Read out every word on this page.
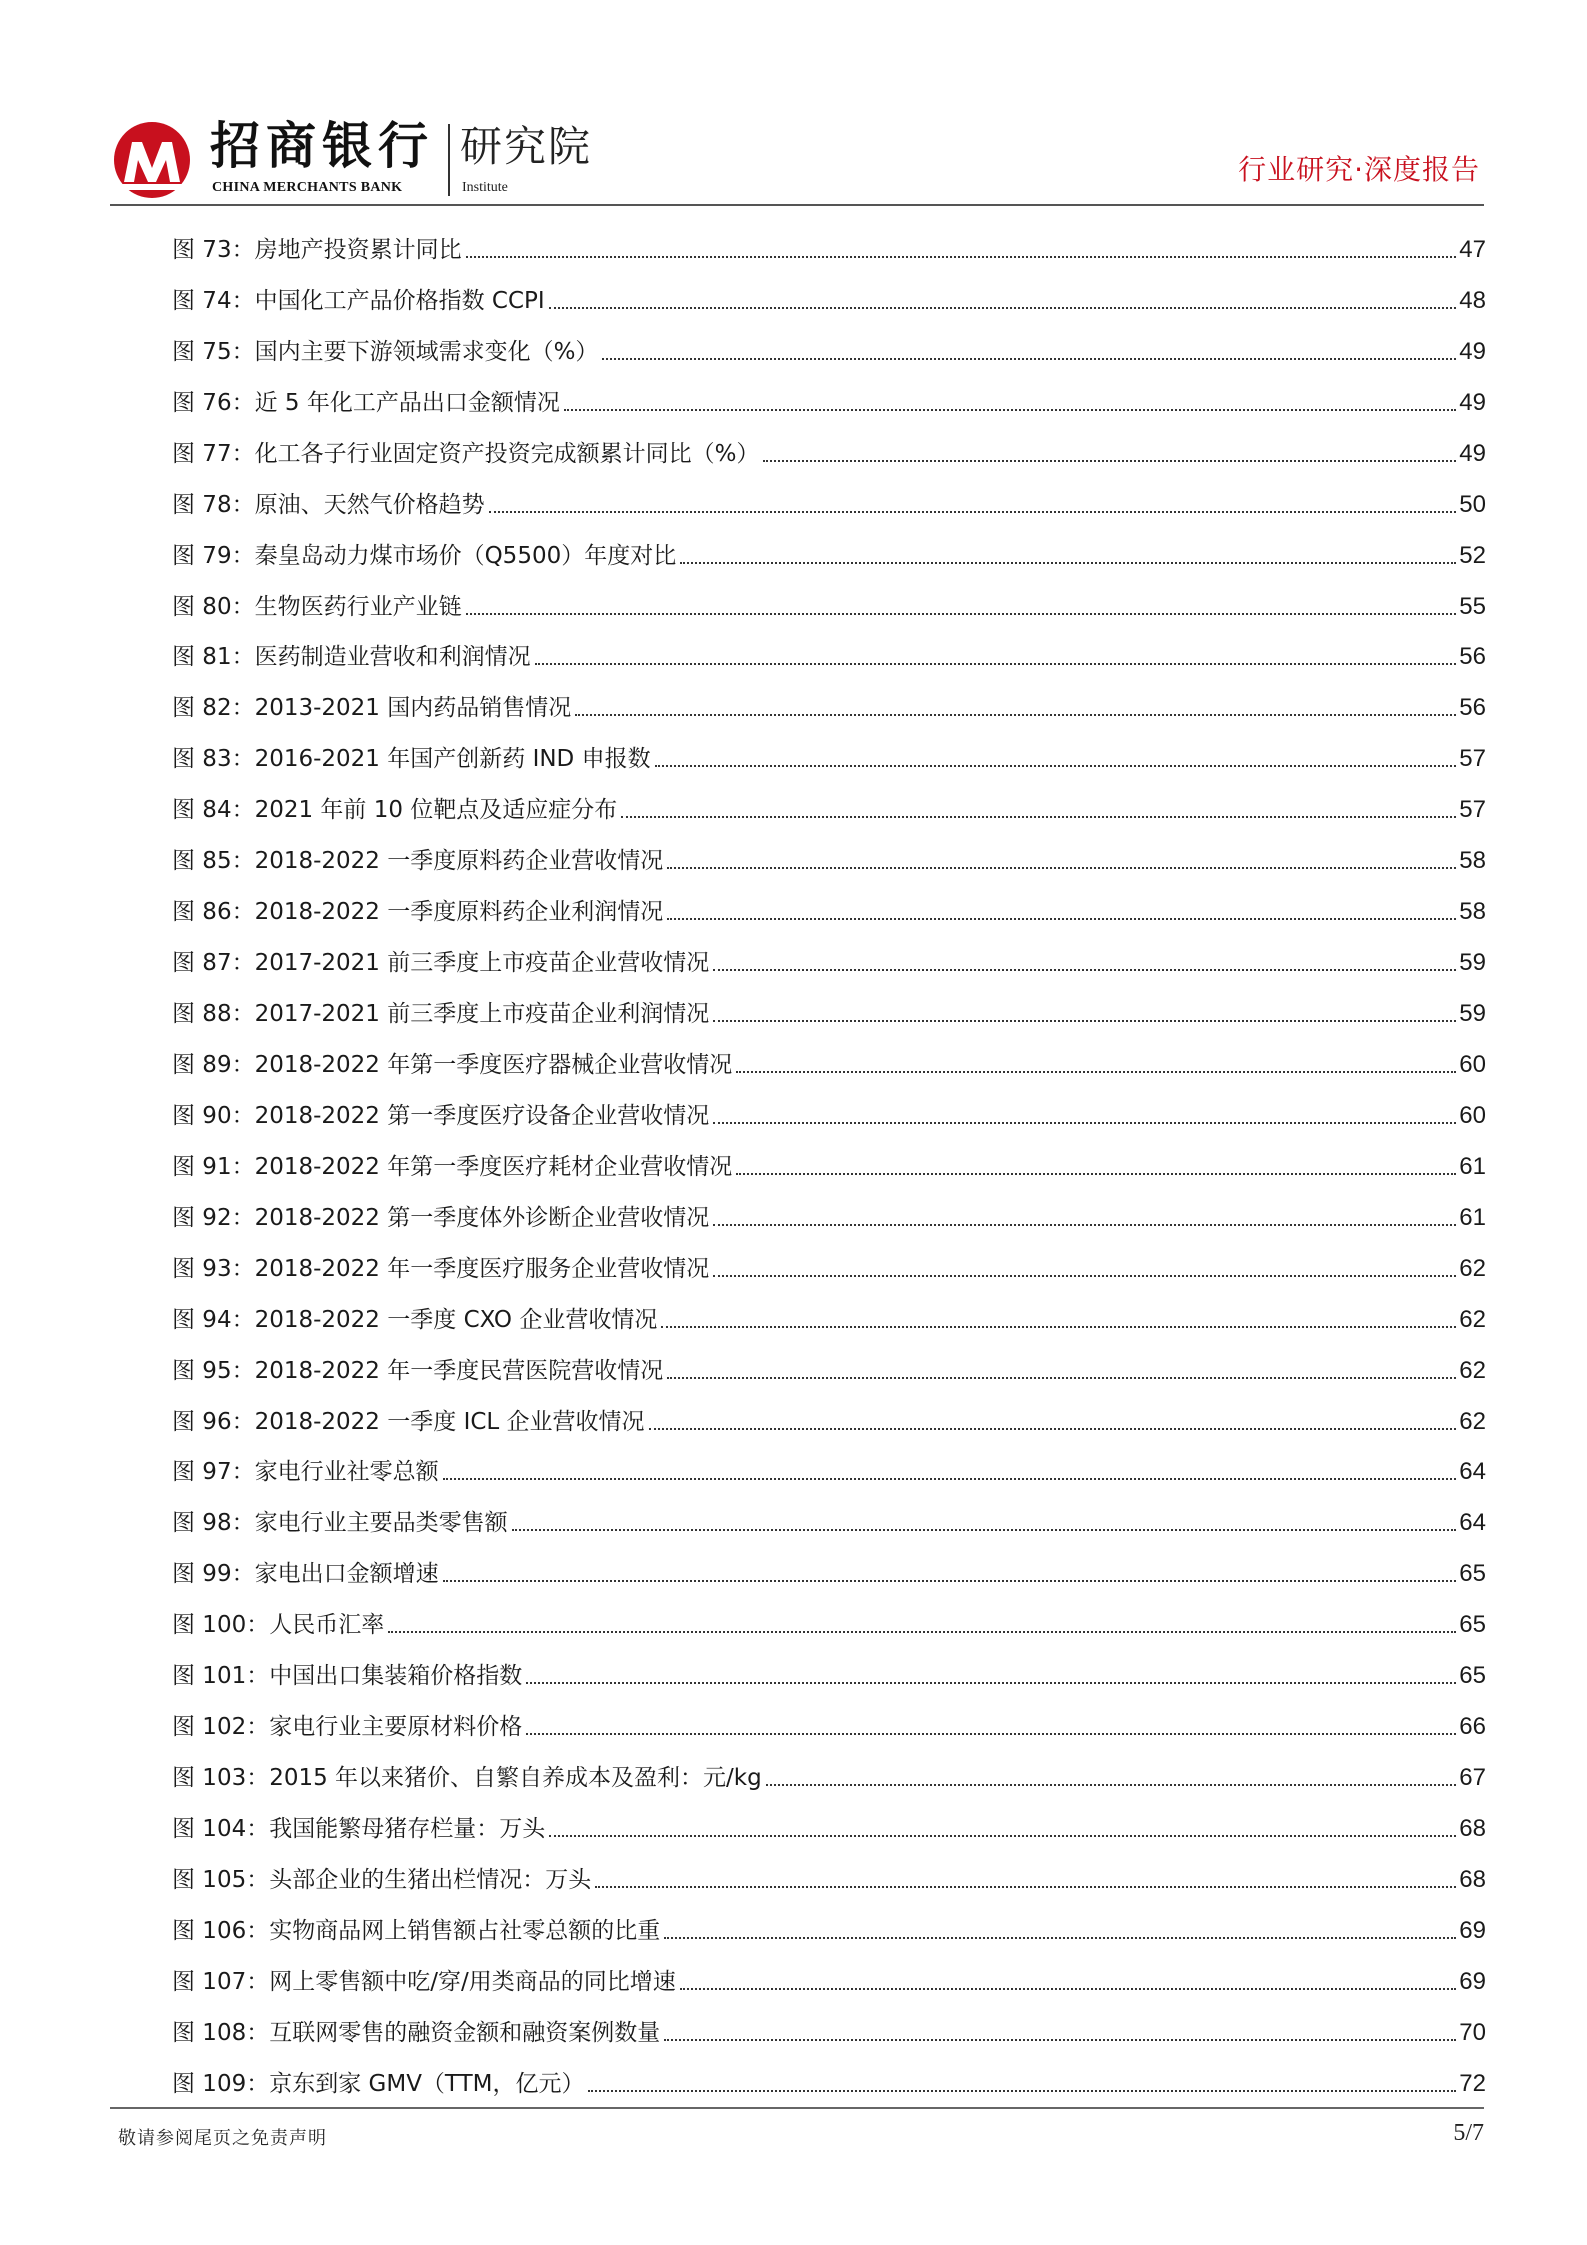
招商银行
CHINA MERCHANTS BANK
研究院
Institute
行业研究·深度报告
图 73：房地产投资累计同比	47
图 74：中国化工产品价格指数 CCPI	48
图 75：国内主要下游领域需求变化（%）	49
图 76：近 5 年化工产品出口金额情况	49
图 77：化工各子行业固定资产投资完成额累计同比（%）	49
图 78：原油、天然气价格趋势	50
图 79：秦皇岛动力煤市场价（Q5500）年度对比	52
图 80：生物医药行业产业链	55
图 81：医药制造业营收和利润情况	56
图 82：2013-2021 国内药品销售情况	56
图 83：2016-2021 年国产创新药 IND 申报数	57
图 84：2021 年前 10 位靶点及适应症分布	57
图 85：2018-2022 一季度原料药企业营收情况	58
图 86：2018-2022 一季度原料药企业利润情况	58
图 87：2017-2021 前三季度上市疫苗企业营收情况	59
图 88：2017-2021 前三季度上市疫苗企业利润情况	59
图 89：2018-2022 年第一季度医疗器械企业营收情况	60
图 90：2018-2022 第一季度医疗设备企业营收情况	60
图 91：2018-2022 年第一季度医疗耗材企业营收情况	61
图 92：2018-2022 第一季度体外诊断企业营收情况	61
图 93：2018-2022 年一季度医疗服务企业营收情况	62
图 94：2018-2022 一季度 CXO 企业营收情况	62
图 95：2018-2022 年一季度民营医院营收情况	62
图 96：2018-2022 一季度 ICL 企业营收情况	62
图 97：家电行业社零总额	64
图 98：家电行业主要品类零售额	64
图 99：家电出口金额增速	65
图 100：人民币汇率	65
图 101：中国出口集装箱价格指数	65
图 102：家电行业主要原材料价格	66
图 103：2015 年以来猪价、自繁自养成本及盈利：元/kg	67
图 104：我国能繁母猪存栏量：万头	68
图 105：头部企业的生猪出栏情况：万头	68
图 106：实物商品网上销售额占社零总额的比重	69
图 107：网上零售额中吃/穿/用类商品的同比增速	69
图 108：互联网零售的融资金额和融资案例数量	70
图 109：京东到家 GMV（TTM，亿元）	72
敬请参阅尾页之免责声明	5/7
